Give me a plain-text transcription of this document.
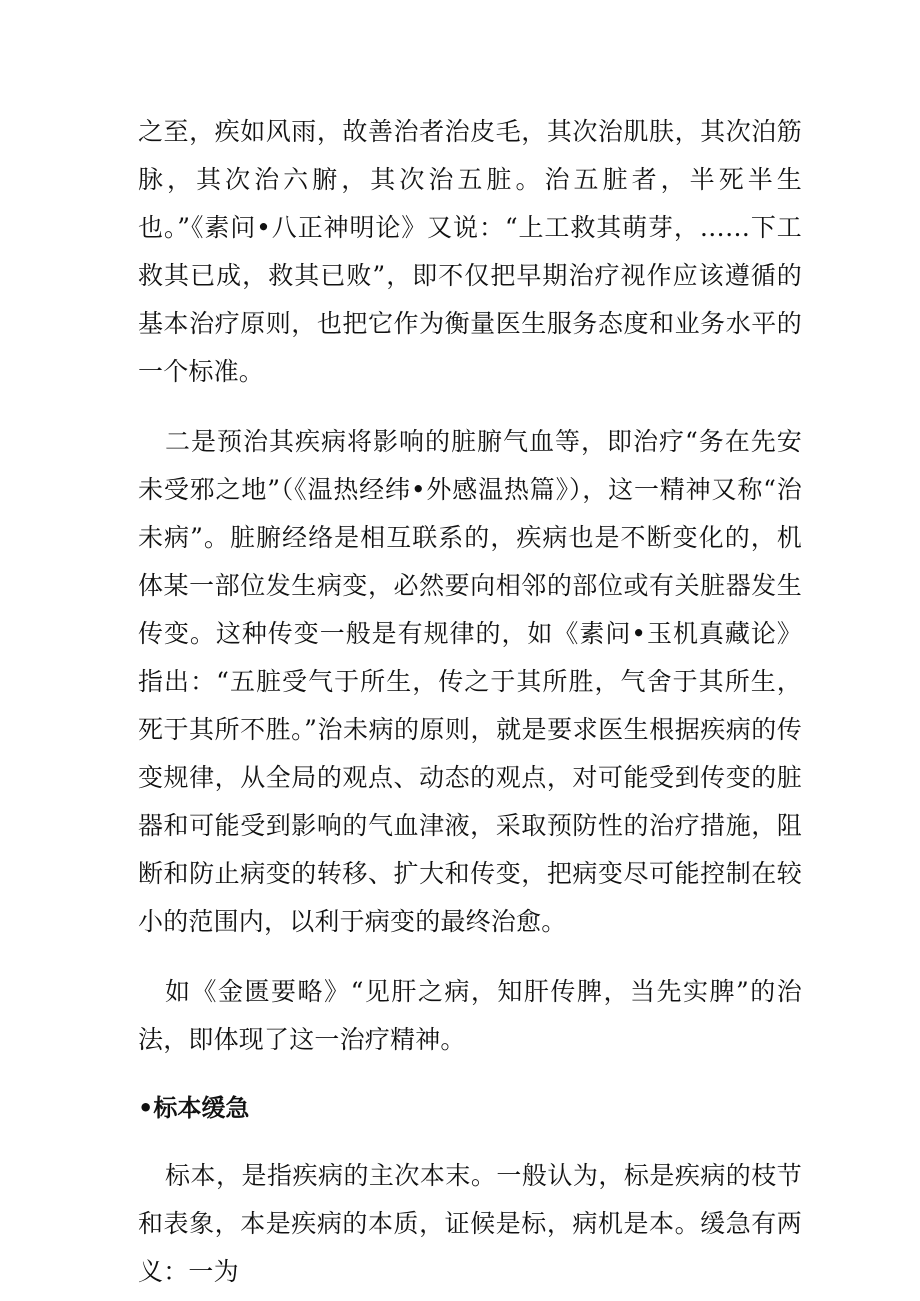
之至，疾如风雨，故善治者治皮毛，其次治肌肤，其次泊筋脉，其次治六腑，其次治五脏。治五脏者，半死半生也。”《素问•八正神明论》又说：“上工救其萌芽，……下工救其已成，救其已败”，即不仅把早期治疗视作应该遵循的基本治疗原则，也把它作为衡量医生服务态度和业务水平的一个标准。

二是预治其疾病将影响的脏腑气血等，即治疗“务在先安未受邪之地”（《温热经纬•外感温热篇》），这一精神又称“治未病”。脏腑经络是相互联系的，疾病也是不断变化的，机体某一部位发生病变，必然要向相邻的部位或有关脏器发生传变。这种传变一般是有规律的，如《素问•玉机真藏论》指出：“五脏受气于所生，传之于其所胜，气舍于其所生，死于其所不胜。”治未病的原则，就是要求医生根据疾病的传变规律，从全局的观点、动态的观点，对可能受到传变的脏器和可能受到影响的气血津液，采取预防性的治疗措施，阻断和防止病变的转移、扩大和传变，把病变尽可能控制在较小的范围内，以利于病变的最终治愈。

如《金匮要略》“见肝之病，知肝传脾，当先实脾”的治法，即体现了这一治疗精神。

•标本缓急

标本，是指疾病的主次本末。一般认为，标是疾病的枝节和表象，本是疾病的本质，证候是标，病机是本。缓急有两义：一为
